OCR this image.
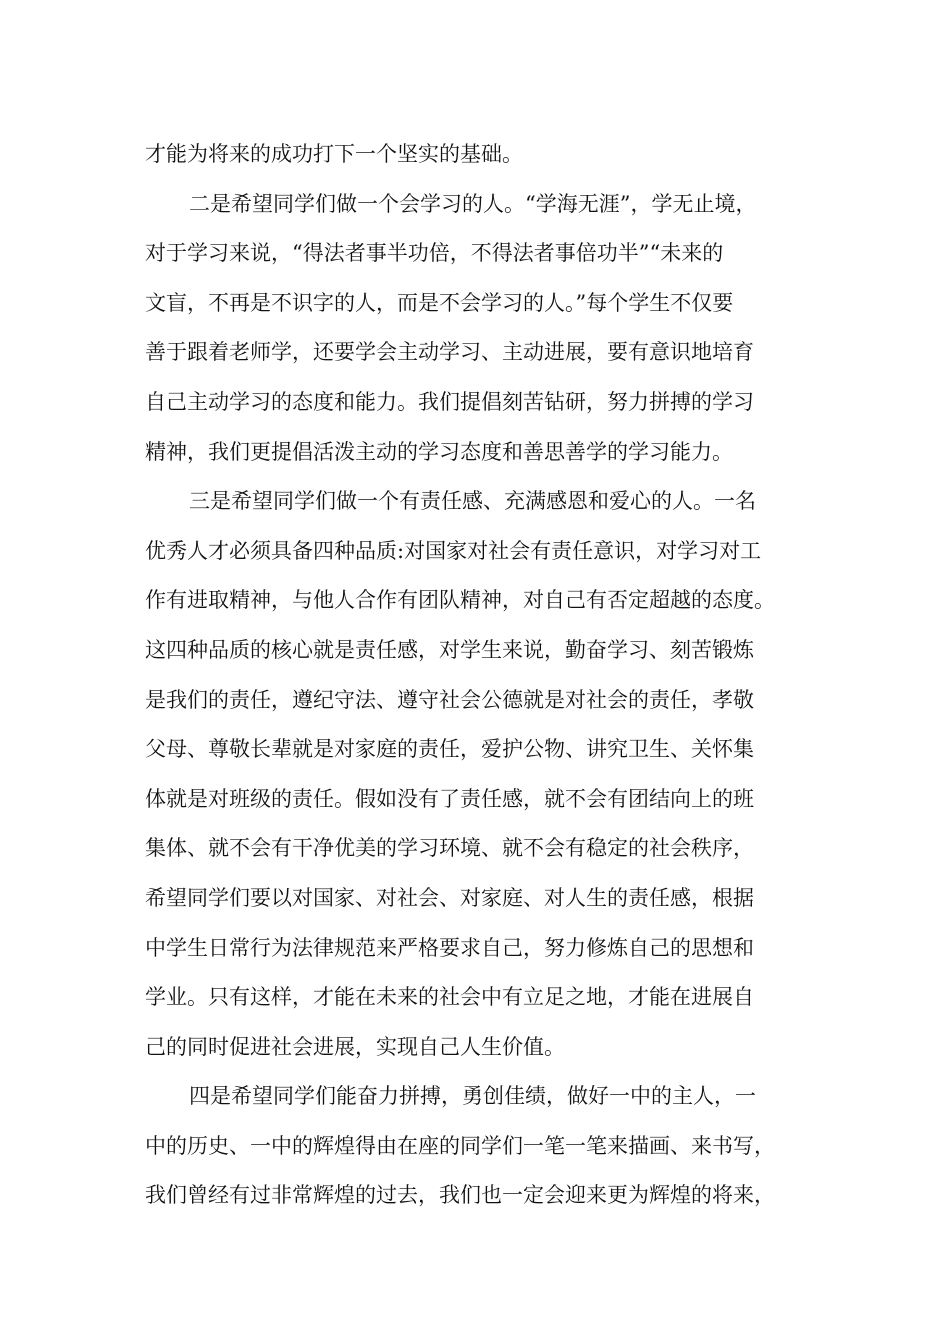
才能为将来的成功打下一个坚实的基础。
二是希望同学们做一个会学习的人。“学海无涯”，学无止境，
对于学习来说，“得法者事半功倍，不得法者事倍功半”“未来的
文盲，不再是不识字的人，而是不会学习的人。”每个学生不仅要
善于跟着老师学，还要学会主动学习、主动进展，要有意识地培育
自己主动学习的态度和能力。我们提倡刻苦钻研，努力拼搏的学习
精神，我们更提倡活泼主动的学习态度和善思善学的学习能力。
三是希望同学们做一个有责任感、充满感恩和爱心的人。一名
优秀人才必须具备四种品质:对国家对社会有责任意识，对学习对工
作有进取精神，与他人合作有团队精神，对自己有否定超越的态度。
这四种品质的核心就是责任感，对学生来说，勤奋学习、刻苦锻炼
是我们的责任，遵纪守法、遵守社会公德就是对社会的责任，孝敬
父母、尊敬长辈就是对家庭的责任，爱护公物、讲究卫生、关怀集
体就是对班级的责任。假如没有了责任感，就不会有团结向上的班
集体、就不会有干净优美的学习环境、就不会有稳定的社会秩序，
希望同学们要以对国家、对社会、对家庭、对人生的责任感，根据
中学生日常行为法律规范来严格要求自己，努力修炼自己的思想和
学业。只有这样，才能在未来的社会中有立足之地，才能在进展自
己的同时促进社会进展，实现自己人生价值。
四是希望同学们能奋力拼搏，勇创佳绩，做好一中的主人，一
中的历史、一中的辉煌得由在座的同学们一笔一笔来描画、来书写，
我们曾经有过非常辉煌的过去，我们也一定会迎来更为辉煌的将来，
